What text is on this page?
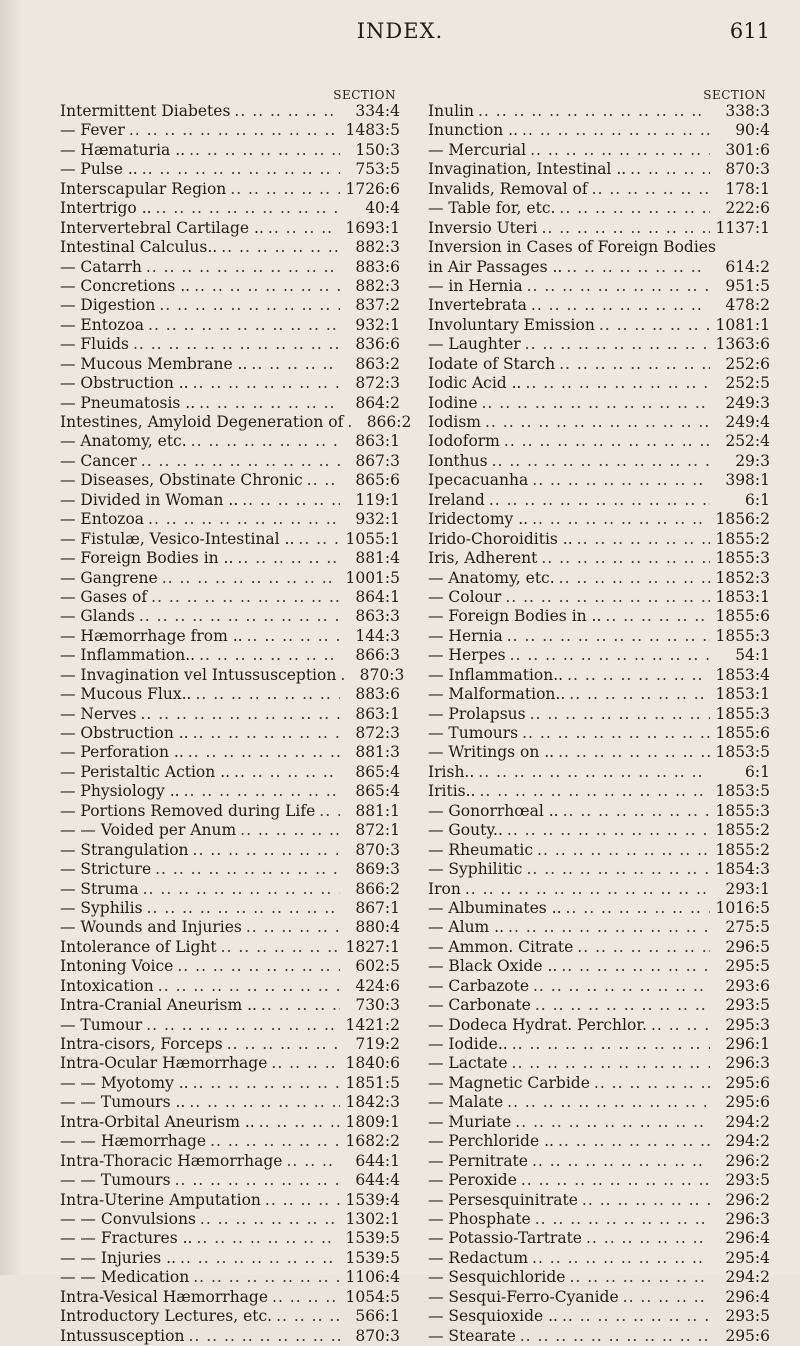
INDEX.	611
SECTION
Intermittent Diabetes .. .	334:4
— Fever .. .	1483:5
— Hæmaturia .. .. .	150:3
— Pulse .. .. .	753:5
Interscapular Region .. .	1726:6
Intertrigo .. .. .	40:4
Intervertebral Cartilage .. .. .	1693:1
Intestinal Calculus.. .. .	882:3
— Catarrh .. .	883:6
— Concretions .. .. .	882:3
— Digestion .. .	837:2
— Entozoa .. .	932:1
— Fluids .. .	836:6
— Mucous Membrane .. .. .	863:2
— Obstruction .. .. .	872:3
— Pneumatosis .. .. .	864:2
Intestines, Amyloid Degeneration of .. .	866:2
— Anatomy, etc. .. .	863:1
— Cancer .. .	867:3
— Diseases, Obstinate Chronic .. .	865:6
— Divided in Woman .. .. .	119:1
— Entozoa .. .	932:1
— Fistulæ, Vesico-Intestinal .. .. .	1055:1
— Foreign Bodies in .. .. .	881:4
— Gangrene .. .	1001:5
— Gases of .. .	864:1
— Glands .. .	863:3
— Hæmorrhage from .. .. .	144:3
— Inflammation.. .. .	866:3
— Invagination vel Intussusception .. .	870:3
— Mucous Flux.. .. .	883:6
— Nerves .. .	863:1
— Obstruction .. .. .	872:3
— Perforation .. .. .	881:3
— Peristaltic Action .. .. .	865:4
— Physiology .. .. .	865:4
— Portions Removed during Life .. .	881:1
— — Voided per Anum .. .	872:1
— Strangulation .. .	870:3
— Stricture .. .	869:3
— Struma .. .	866:2
— Syphilis .. .	867:1
— Wounds and Injuries .. .	880:4
Intolerance of Light .. .	1827:1
Intoning Voice .. .	602:5
Intoxication .. .	424:6
Intra-Cranial Aneurism .. .. .	730:3
— Tumour .. .	1421:2
Intra-cisors, Forceps .. .	719:2
Intra-Ocular Hæmorrhage .. .	1840:6
— — Myotomy .. .. .	1851:5
— — Tumours .. .. .	1842:3
Intra-Orbital Aneurism .. .. .	1809:1
— — Hæmorrhage .. .	1682:2
Intra-Thoracic Hæmorrhage .. .	644:1
— — Tumours .. .	644:4
Intra-Uterine Amputation .. .	1539:4
— — Convulsions .. .	1302:1
— — Fractures .. .. .	1539:5
— — Injuries .. .. .	1539:5
— — Medication .. .	1106:4
Intra-Vesical Hæmorrhage .. .	1054:5
Introductory Lectures, etc. .. .	566:1
Intussusception .. .	870:3
SECTION
Inulin .. .	338:3
Inunction .. .. .	90:4
— Mercurial .. .	301:6
Invagination, Intestinal .. .. .	870:3
Invalids, Removal of .. .	178:1
— Table for, etc. .. .	222:6
Inversio Uteri .. .	1137:1
Inversion in Cases of Foreign Bodies
in Air Passages .. .. .	614:2
— in Hernia .. .	951:5
Invertebrata .. .	478:2
Involuntary Emission .. .	1081:1
— Laughter .. .	1363:6
Iodate of Starch .. .	252:6
Iodic Acid .. .. .	252:5
Iodine .. .	249:3
Iodism .. .	249:4
Iodoform .. .	252:4
Ionthus .. .	29:3
Ipecacuanha .. .	398:1
Ireland .. .	6:1
Iridectomy .. .. .	1856:2
Irido-Choroiditis .. .. .	1855:2
Iris, Adherent .. .	1855:3
— Anatomy, etc. .. .	1852:3
— Colour .. .	1853:1
— Foreign Bodies in .. .. .	1855:6
— Hernia .. .	1855:3
— Herpes .. .	54:1
— Inflammation.. .. .	1853:4
— Malformation.. .. .	1853:1
— Prolapsus .. .	1855:3
— Tumours .. .	1855:6
— Writings on .. .. .	1853:5
Irish.. .. .	6:1
Iritis.. .. .	1853:5
— Gonorrhœal .. .. .	1855:3
— Gouty.. .. .	1855:2
— Rheumatic .. .	1855:2
— Syphilitic .. .	1854:3
Iron .. .	293:1
— Albuminates .. .. .	1016:5
— Alum .. .. .	275:5
— Ammon. Citrate .. .	296:5
— Black Oxide .. .. .	295:5
— Carbazote .. .	293:6
— Carbonate .. .	293:5
— Dodeca Hydrat. Perchlor. .. .	295:3
— Iodide.. .. .	296:1
— Lactate .. .	296:3
— Magnetic Carbide .. .	295:6
— Malate .. .	295:6
— Muriate .. .	294:2
— Perchloride .. .. .	294:2
— Pernitrate .. .	296:2
— Peroxide .. .	293:5
— Persesquinitrate .. .	296:2
— Phosphate .. .	296:3
— Potassio-Tartrate .. .	296:4
— Redactum .. .	295:4
— Sesquichloride .. .	294:2
— Sesqui-Ferro-Cyanide .. .	296:4
— Sesquioxide .. .. .	293:5
— Stearate .. .	295:6
